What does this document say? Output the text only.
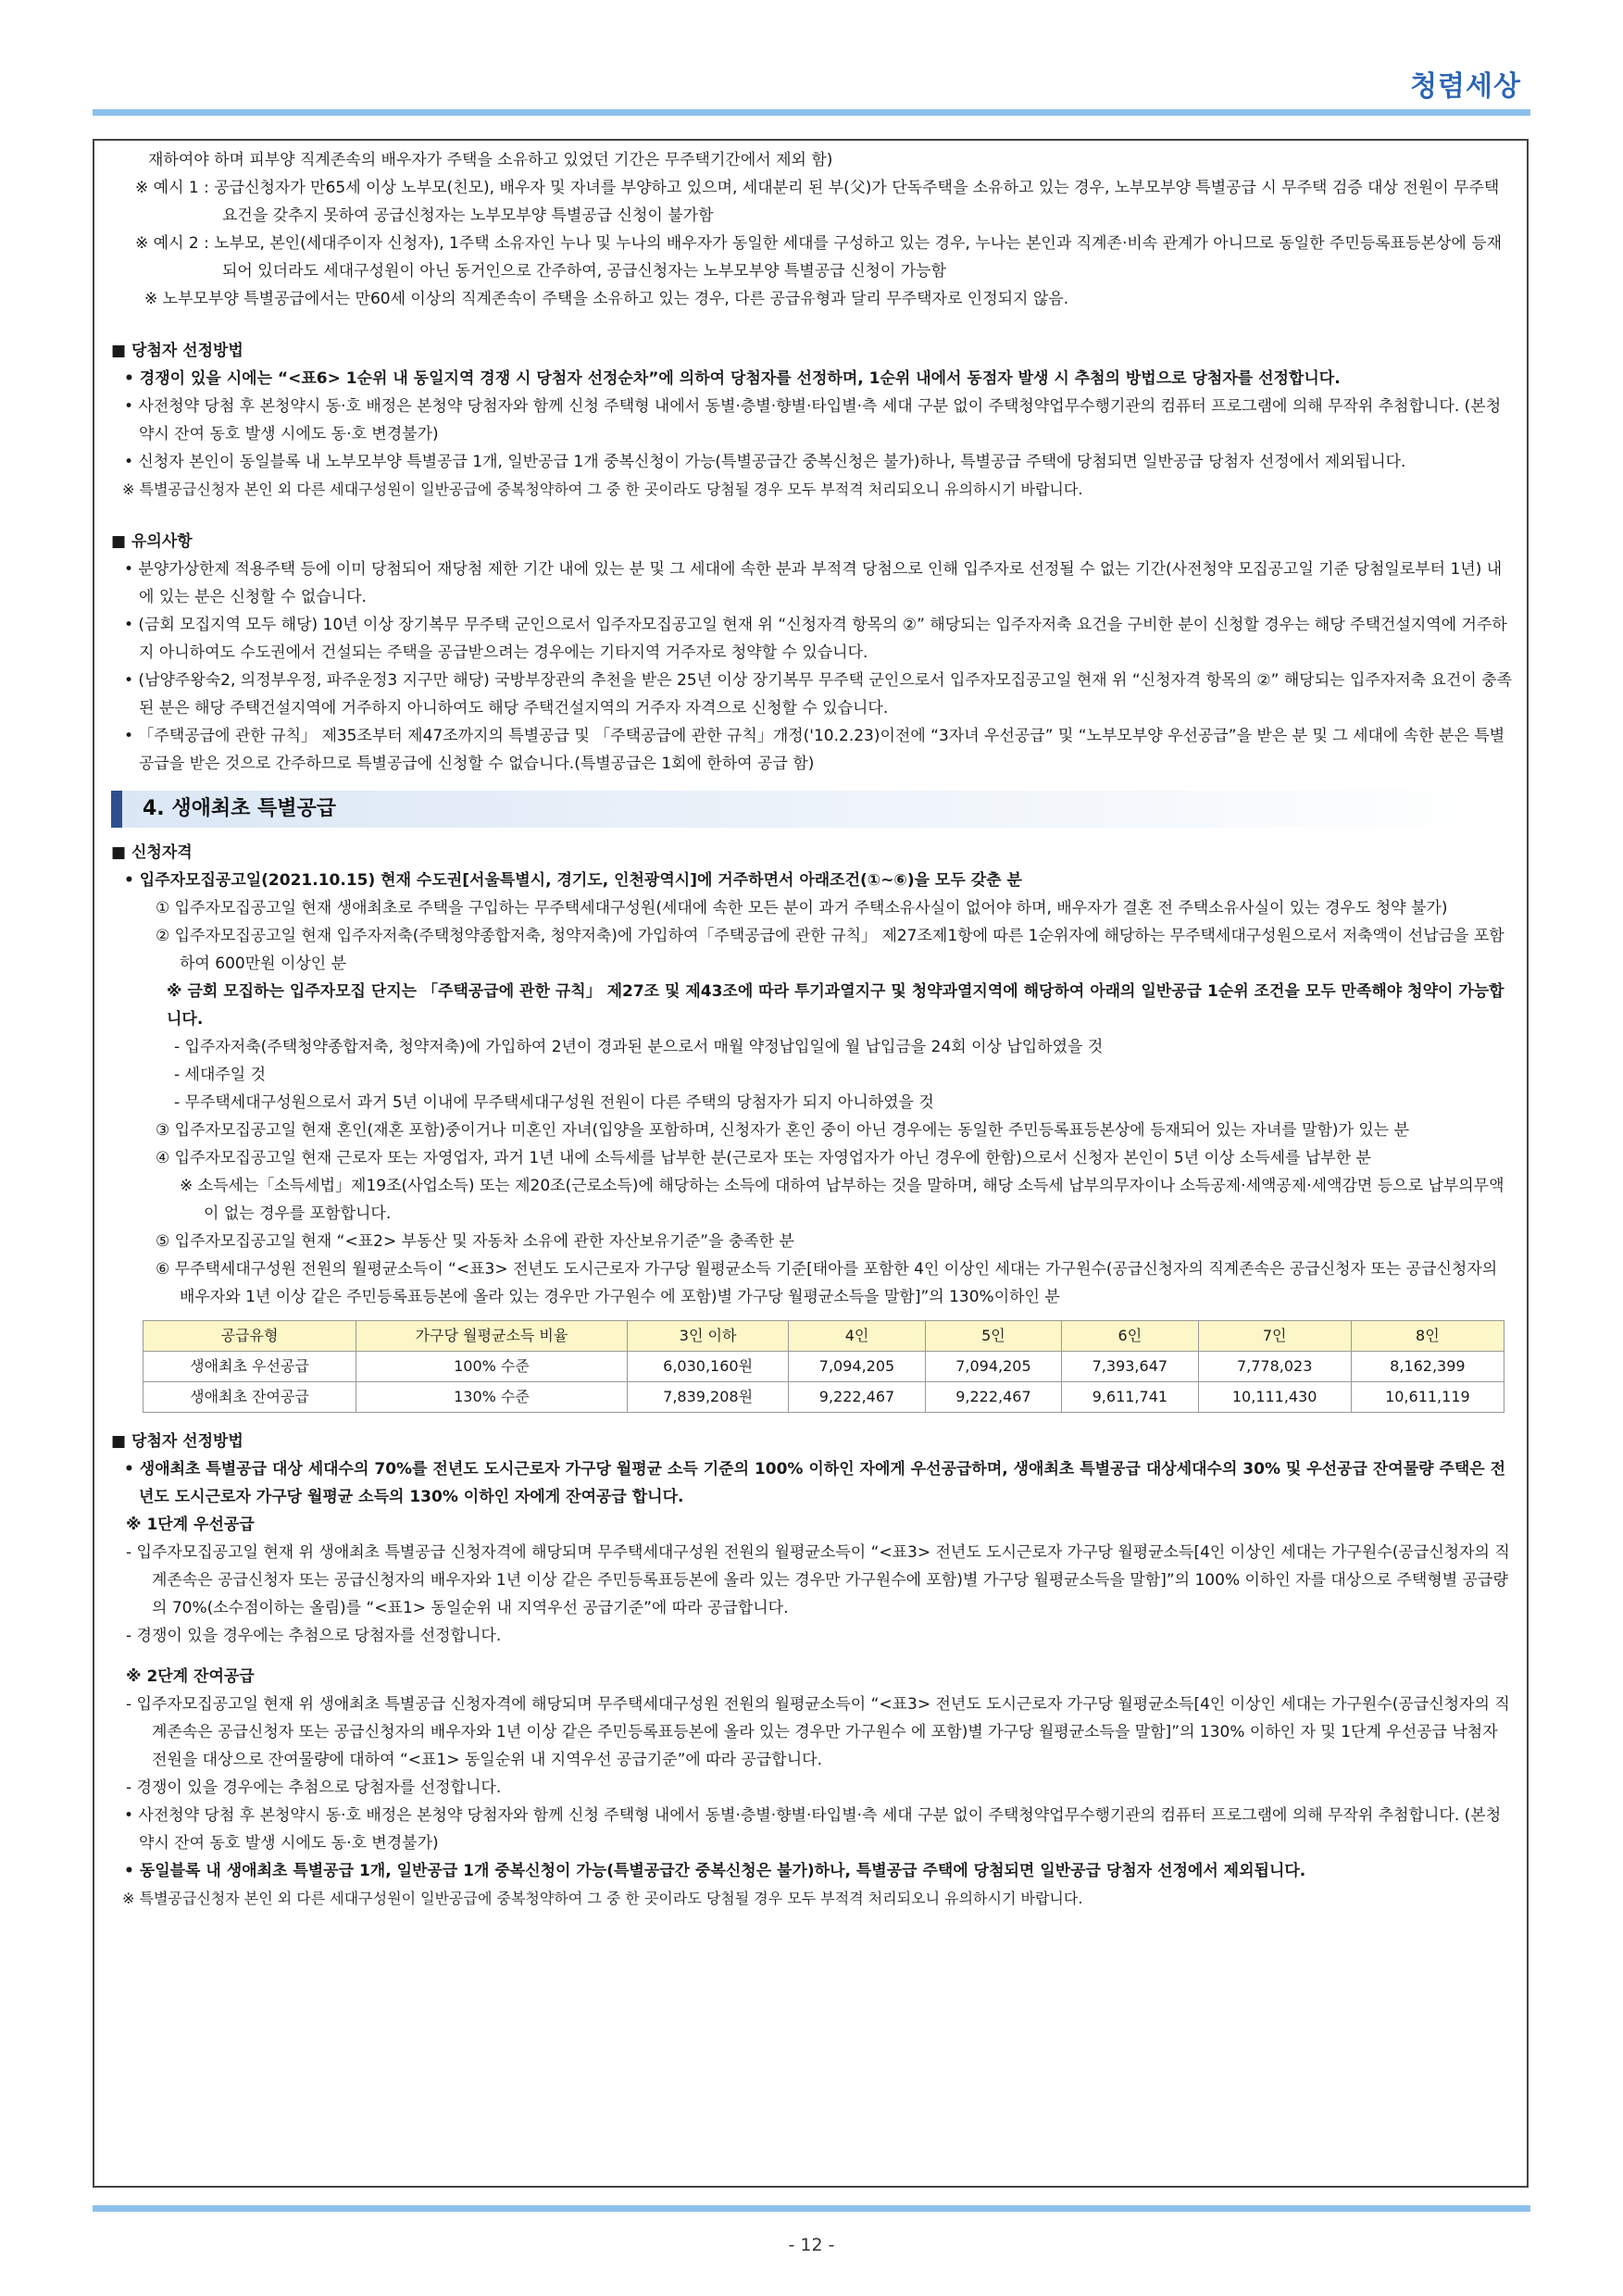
청렴세상

재하여야 하며 피부양 직계존속의 배우자가 주택을 소유하고 있었던 기간은 무주택기간에서 제외 함)

※ 예시 1 : 공급신청자가 만65세 이상 노부모(친모), 배우자 및 자녀를 부양하고 있으며, 세대분리 된 부(父)가 단독주택을 소유하고 있는 경우, 노부모부양 특별공급 시 무주택 검증 대상 전원이 무주택요건을 갖추지 못하여 공급신청자는 노부모부양 특별공급 신청이 불가함

※ 예시 2 : 노부모, 본인(세대주이자 신청자), 1주택 소유자인 누나 및 누나의 배우자가 동일한 세대를 구성하고 있는 경우, 누나는 본인과 직계존·비속 관계가 아니므로 동일한 주민등록표등본상에 등재되어 있더라도 세대구성원이 아닌 동거인으로 간주하여, 공급신청자는 노부모부양 특별공급 신청이 가능함

※ 노부모부양 특별공급에서는 만60세 이상의 직계존속이 주택을 소유하고 있는 경우, 다른 공급유형과 달리 무주택자로 인정되지 않음.

■ 당첨자 선정방법

• 경쟁이 있을 시에는 “<표6> 1순위 내 동일지역 경쟁 시 당첨자 선정순차”에 의하여 당첨자를 선정하며, 1순위 내에서 동점자 발생 시 추첨의 방법으로 당첨자를 선정합니다.

• 사전청약 당첨 후 본청약시 동·호 배정은 본청약 당첨자와 함께 신청 주택형 내에서 동별·층별·향별·타입별·측 세대 구분 없이 주택청약업무수행기관의 컴퓨터 프로그램에 의해 무작위 추첨합니다. (본청약시 잔여 동호 발생 시에도 동·호 변경불가)

• 신청자 본인이 동일블록 내 노부모부양 특별공급 1개, 일반공급 1개 중복신청이 가능(특별공급간 중복신청은 불가)하나, 특별공급 주택에 당첨되면 일반공급 당첨자 선정에서 제외됩니다.

※ 특별공급신청자 본인 외 다른 세대구성원이 일반공급에 중복청약하여 그 중 한 곳이라도 당첨될 경우 모두 부적격 처리되오니 유의하시기 바랍니다.

■ 유의사항

• 분양가상한제 적용주택 등에 이미 당첨되어 재당첨 제한 기간 내에 있는 분 및 그 세대에 속한 분과 부적격 당첨으로 인해 입주자로 선정될 수 없는 기간(사전청약 모집공고일 기준 당첨일로부터 1년) 내에 있는 분은 신청할 수 없습니다.

• (금회 모집지역 모두 해당) 10년 이상 장기복무 무주택 군인으로서 입주자모집공고일 현재 위 “신청자격 항목의 ②” 해당되는 입주자저축 요건을 구비한 분이 신청할 경우는 해당 주택건설지역에 거주하지 아니하여도 수도권에서 건설되는 주택을 공급받으려는 경우에는 기타지역 거주자로 청약할 수 있습니다.

• (남양주왕숙2, 의정부우정, 파주운정3 지구만 해당) 국방부장관의 추천을 받은 25년 이상 장기복무 무주택 군인으로서 입주자모집공고일 현재 위 “신청자격 항목의 ②” 해당되는 입주자저축 요건이 충족된 분은 해당 주택건설지역에 거주하지 아니하여도 해당 주택건설지역의 거주자 자격으로 신청할 수 있습니다.

• 「주택공급에 관한 규칙」 제35조부터 제47조까지의 특별공급 및 「주택공급에 관한 규칙」개정('10.2.23)이전에 “3자녀 우선공급” 및 “노부모부양 우선공급”을 받은 분 및 그 세대에 속한 분은 특별공급을 받은 것으로 간주하므로 특별공급에 신청할 수 없습니다.(특별공급은 1회에 한하여 공급 함)

4. 생애최초 특별공급

■ 신청자격

• 입주자모집공고일(2021.10.15) 현재 수도권[서울특별시, 경기도, 인천광역시]에 거주하면서 아래조건(①~⑥)을 모두 갖춘 분

① 입주자모집공고일 현재 생애최초로 주택을 구입하는 무주택세대구성원(세대에 속한 모든 분이 과거 주택소유사실이 없어야 하며, 배우자가 결혼 전 주택소유사실이 있는 경우도 청약 불가)

② 입주자모집공고일 현재 입주자저축(주택청약종합저축, 청약저축)에 가입하여「주택공급에 관한 규칙」 제27조제1항에 따른 1순위자에 해당하는 무주택세대구성원으로서 저축액이 선납금을 포함하여 600만원 이상인 분

※ 금회 모집하는 입주자모집 단지는 「주택공급에 관한 규칙」 제27조 및 제43조에 따라 투기과열지구 및 청약과열지역에 해당하여 아래의 일반공급 1순위 조건을 모두 만족해야 청약이 가능합니다.

- 입주자저축(주택청약종합저축, 청약저축)에 가입하여 2년이 경과된 분으로서 매월 약정납입일에 월 납입금을 24회 이상 납입하였을 것

- 세대주일 것

- 무주택세대구성원으로서 과거 5년 이내에 무주택세대구성원 전원이 다른 주택의 당첨자가 되지 아니하였을 것

③ 입주자모집공고일 현재 혼인(재혼 포함)중이거나 미혼인 자녀(입양을 포함하며, 신청자가 혼인 중이 아닌 경우에는 동일한 주민등록표등본상에 등재되어 있는 자녀를 말함)가 있는 분

④ 입주자모집공고일 현재 근로자 또는 자영업자, 과거 1년 내에 소득세를 납부한 분(근로자 또는 자영업자가 아닌 경우에 한함)으로서 신청자 본인이 5년 이상 소득세를 납부한 분

※ 소득세는「소득세법」제19조(사업소득) 또는 제20조(근로소득)에 해당하는 소득에 대하여 납부하는 것을 말하며, 해당 소득세 납부의무자이나 소득공제·세액공제·세액감면 등으로 납부의무액이 없는 경우를 포함합니다.

⑤ 입주자모집공고일 현재 “<표2> 부동산 및 자동차 소유에 관한 자산보유기준”을 충족한 분

⑥ 무주택세대구성원 전원의 월평균소득이 “<표3> 전년도 도시근로자 가구당 월평균소득 기준[태아를 포함한 4인 이상인 세대는 가구원수(공급신청자의 직계존속은 공급신청자 또는 공급신청자의 배우자와 1년 이상 같은 주민등록표등본에 올라 있는 경우만 가구원수 에 포함)별 가구당 월평균소득을 말함]”의 130%이하인 분

공급유형	가구당 월평균소득 비율	3인 이하	4인	5인	6인	7인	8인
생애최초 우선공급	100% 수준	6,030,160원	7,094,205	7,094,205	7,393,647	7,778,023	8,162,399
생애최초 잔여공급	130% 수준	7,839,208원	9,222,467	9,222,467	9,611,741	10,111,430	10,611,119

■ 당첨자 선정방법

• 생애최초 특별공급 대상 세대수의 70%를 전년도 도시근로자 가구당 월평균 소득 기준의 100% 이하인 자에게 우선공급하며, 생애최초 특별공급 대상세대수의 30% 및 우선공급 잔여물량 주택은 전년도 도시근로자 가구당 월평균 소득의 130% 이하인 자에게 잔여공급 합니다.

※ 1단계 우선공급

- 입주자모집공고일 현재 위 생애최초 특별공급 신청자격에 해당되며 무주택세대구성원 전원의 월평균소득이 “<표3> 전년도 도시근로자 가구당 월평균소득[4인 이상인 세대는 가구원수(공급신청자의 직계존속은 공급신청자 또는 공급신청자의 배우자와 1년 이상 같은 주민등록표등본에 올라 있는 경우만 가구원수에 포함)별 가구당 월평균소득을 말함]”의 100% 이하인 자를 대상으로 주택형별 공급량의 70%(소수점이하는 올림)를 “<표1> 동일순위 내 지역우선 공급기준”에 따라 공급합니다.

- 경쟁이 있을 경우에는 추첨으로 당첨자를 선정합니다.

※ 2단계 잔여공급

- 입주자모집공고일 현재 위 생애최초 특별공급 신청자격에 해당되며 무주택세대구성원 전원의 월평균소득이 “<표3> 전년도 도시근로자 가구당 월평균소득[4인 이상인 세대는 가구원수(공급신청자의 직계존속은 공급신청자 또는 공급신청자의 배우자와 1년 이상 같은 주민등록표등본에 올라 있는 경우만 가구원수 에 포함)별 가구당 월평균소득을 말함]”의 130% 이하인 자 및 1단계 우선공급 낙첨자 전원을 대상으로 잔여물량에 대하여 “<표1> 동일순위 내 지역우선 공급기준”에 따라 공급합니다.

- 경쟁이 있을 경우에는 추첨으로 당첨자를 선정합니다.

• 사전청약 당첨 후 본청약시 동·호 배정은 본청약 당첨자와 함께 신청 주택형 내에서 동별·층별·향별·타입별·측 세대 구분 없이 주택청약업무수행기관의 컴퓨터 프로그램에 의해 무작위 추첨합니다. (본청약시 잔여 동호 발생 시에도 동·호 변경불가)

• 동일블록 내 생애최초 특별공급 1개, 일반공급 1개 중복신청이 가능(특별공급간 중복신청은 불가)하나, 특별공급 주택에 당첨되면 일반공급 당첨자 선정에서 제외됩니다.

※ 특별공급신청자 본인 외 다른 세대구성원이 일반공급에 중복청약하여 그 중 한 곳이라도 당첨될 경우 모두 부적격 처리되오니 유의하시기 바랍니다.

- 12 -
